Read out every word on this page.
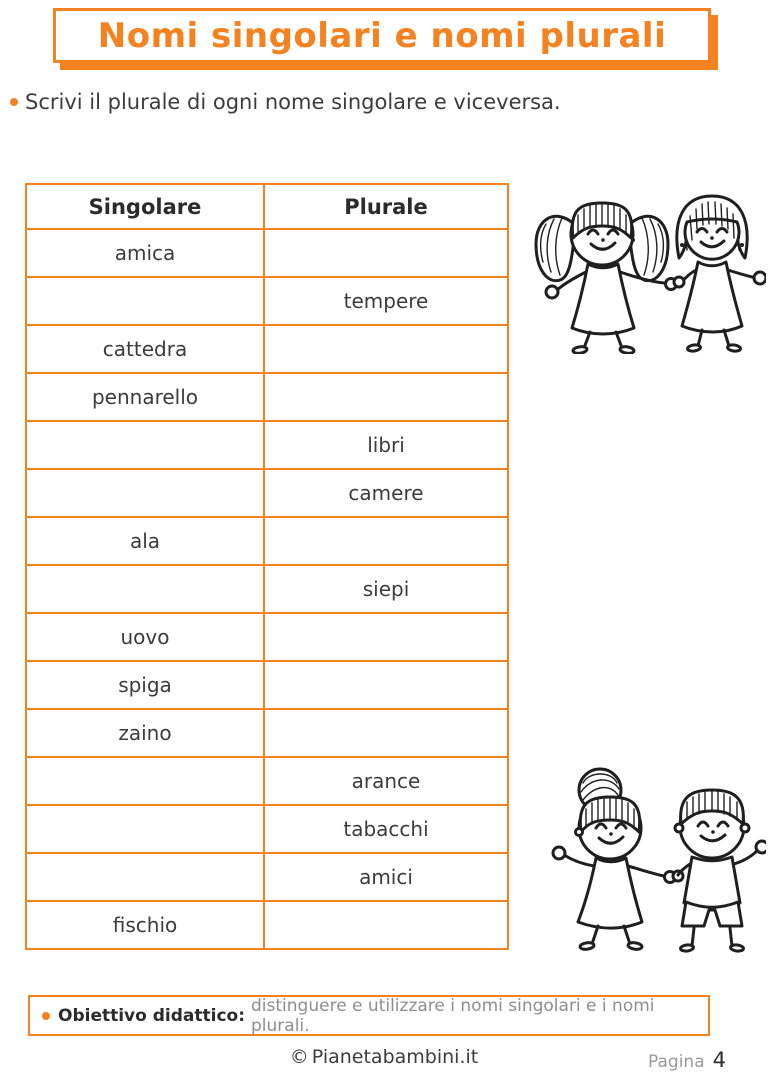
Nomi singolari e nomi plurali
Scrivi il plurale di ogni nome singolare e viceversa.
Singolare	Plurale
amica	
	tempere
cattedra	
pennarello	
	libri
	camere
ala	
	siepi
uovo	
spiga	
zaino	
	arance
	tabacchi
	amici
fischio	
Obiettivo didattico: distinguere e utilizzare i nomi singolari e i nomi plurali.
© Pianetabambini.it	Pagina 4
